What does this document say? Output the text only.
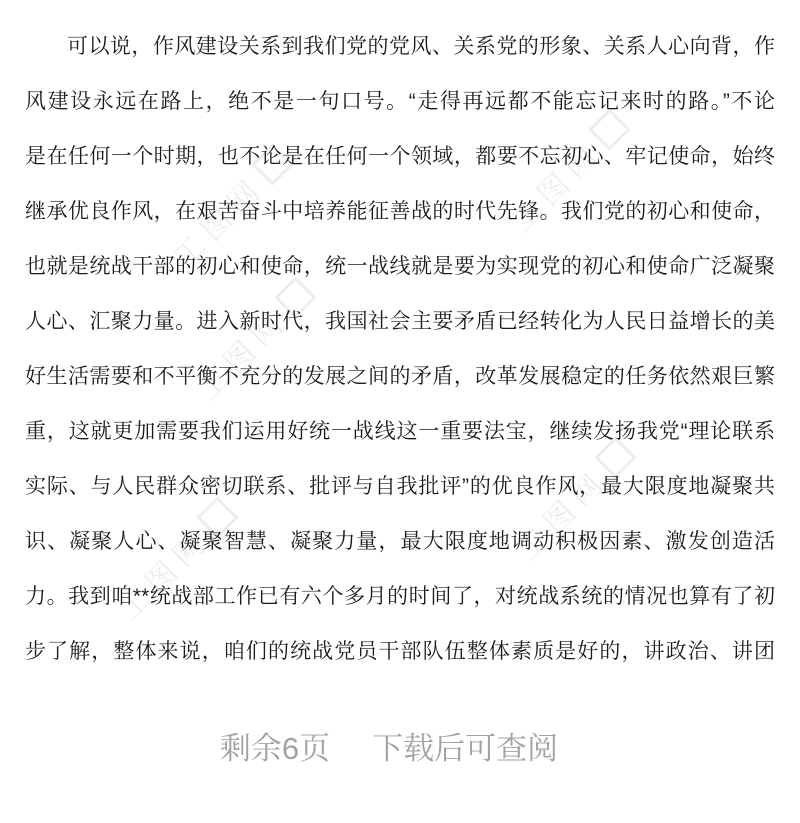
工图网	工图网
工图网
工图网
工图网
可以说，作风建设关系到我们党的党风、关系党的形象、关系人心向背，作
风建设永远在路上，绝不是一句口号。“走得再远都不能忘记来时的路。”不论
是在任何一个时期，也不论是在任何一个领域，都要不忘初心、牢记使命，始终
继承优良作风，在艰苦奋斗中培养能征善战的时代先锋。我们党的初心和使命，
也就是统战干部的初心和使命，统一战线就是要为实现党的初心和使命广泛凝聚
人心、汇聚力量。进入新时代，我国社会主要矛盾已经转化为人民日益增长的美
好生活需要和不平衡不充分的发展之间的矛盾，改革发展稳定的任务依然艰巨繁
重，这就更加需要我们运用好统一战线这一重要法宝，继续发扬我党“理论联系
实际、与人民群众密切联系、批评与自我批评”的优良作风，最大限度地凝聚共
识、凝聚人心、凝聚智慧、凝聚力量，最大限度地调动积极因素、激发创造活
力。我到咱**统战部工作已有六个多月的时间了，对统战系统的情况也算有了初
步了解，整体来说，咱们的统战党员干部队伍整体素质是好的，讲政治、讲团
剩余6页 下载后可查阅
